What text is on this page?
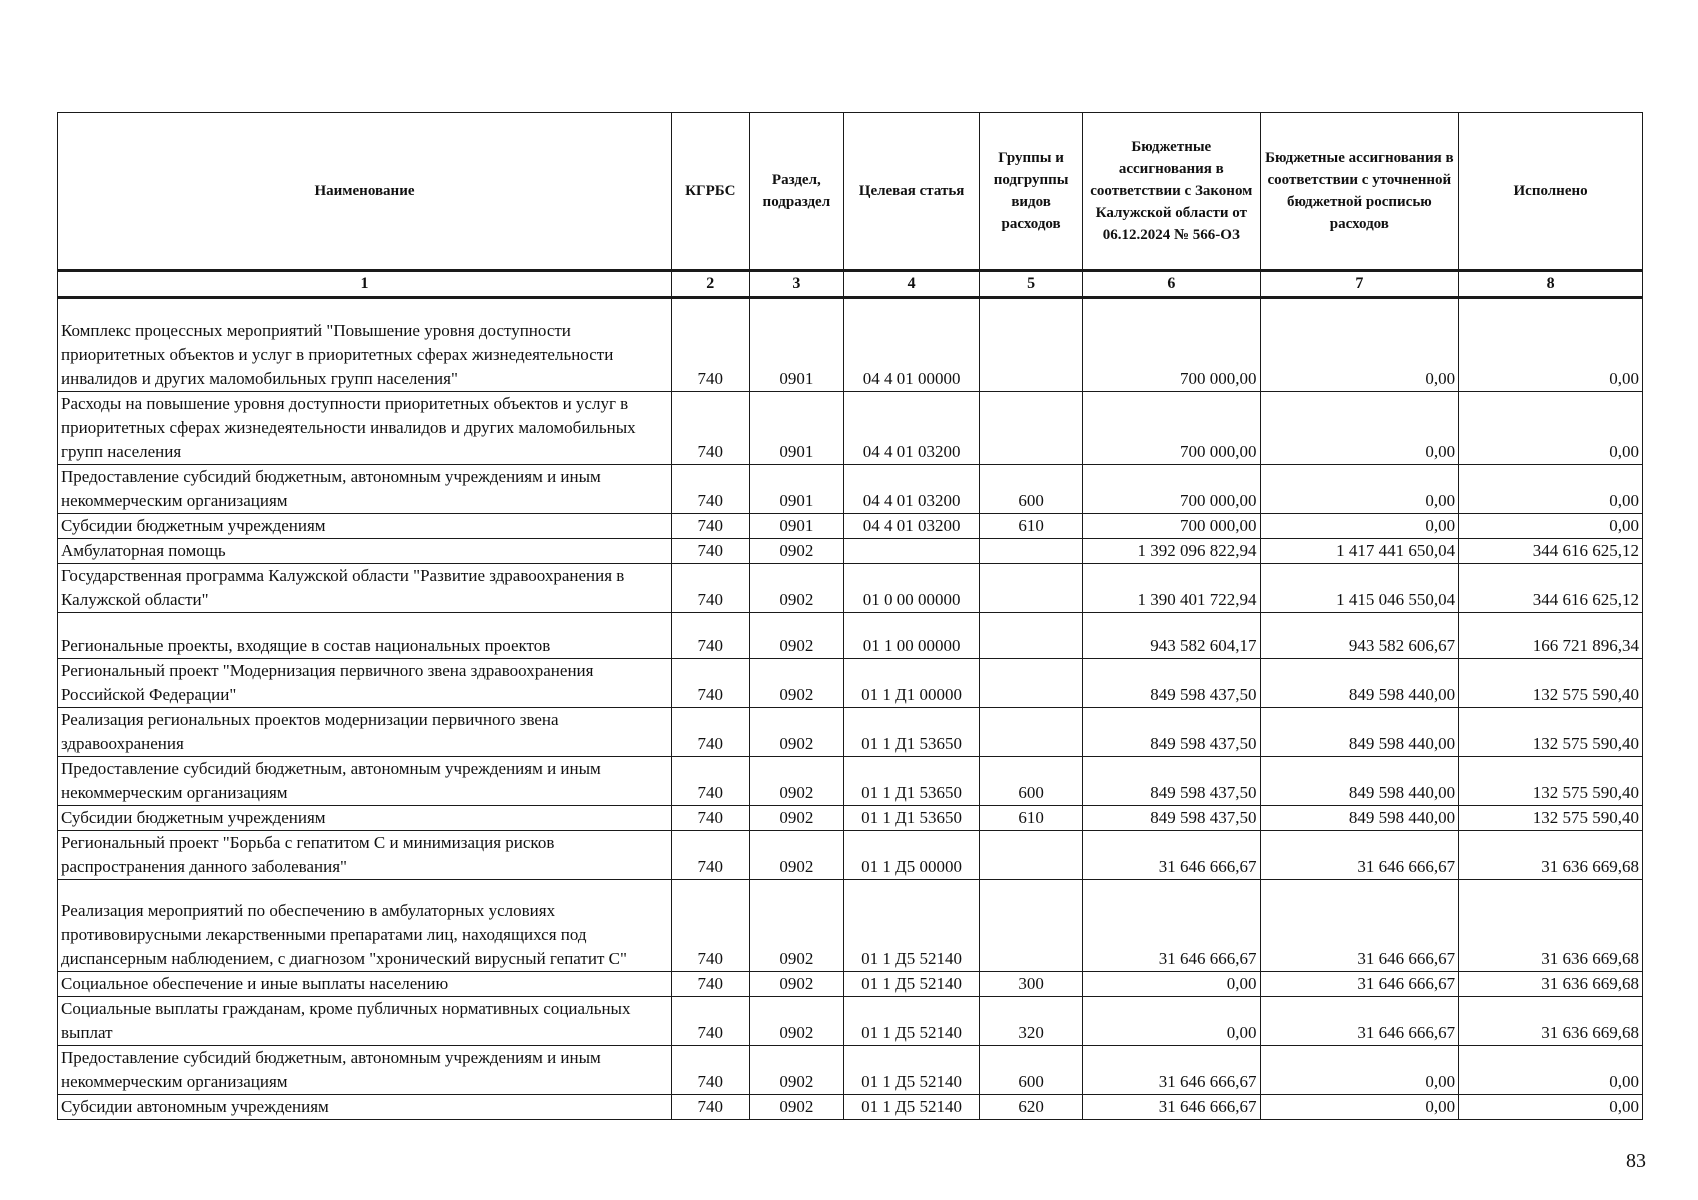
Наименование	КГРБС	Раздел, подраздел	Целевая статья	Группы и подгруппы видов расходов	Бюджетные ассигнования в соответствии с Законом Калужской области от 06.12.2024 № 566-ОЗ	Бюджетные ассигнования в соответствии с уточненной бюджетной росписью расходов	Исполнено
1	2	3	4	5	6	7	8
Комплекс процессных мероприятий "Повышение уровня доступности приоритетных объектов и услуг в приоритетных сферах жизнедеятельности инвалидов и других маломобильных групп населения"	740	0901	04 4 01 00000		700 000,00	0,00	0,00
Расходы на повышение уровня доступности приоритетных объектов и услуг в приоритетных сферах жизнедеятельности инвалидов и других маломобильных групп населения	740	0901	04 4 01 03200		700 000,00	0,00	0,00
Предоставление субсидий бюджетным, автономным учреждениям и иным некоммерческим организациям	740	0901	04 4 01 03200	600	700 000,00	0,00	0,00
Субсидии бюджетным учреждениям	740	0901	04 4 01 03200	610	700 000,00	0,00	0,00
Амбулаторная помощь	740	0902			1 392 096 822,94	1 417 441 650,04	344 616 625,12
Государственная программа Калужской области "Развитие здравоохранения в Калужской области"	740	0902	01 0 00 00000		1 390 401 722,94	1 415 046 550,04	344 616 625,12
Региональные проекты, входящие в состав национальных проектов	740	0902	01 1 00 00000		943 582 604,17	943 582 606,67	166 721 896,34
Региональный проект "Модернизация первичного звена здравоохранения Российской Федерации"	740	0902	01 1 Д1 00000		849 598 437,50	849 598 440,00	132 575 590,40
Реализация региональных проектов модернизации первичного звена здравоохранения	740	0902	01 1 Д1 53650		849 598 437,50	849 598 440,00	132 575 590,40
Предоставление субсидий бюджетным, автономным учреждениям и иным некоммерческим организациям	740	0902	01 1 Д1 53650	600	849 598 437,50	849 598 440,00	132 575 590,40
Субсидии бюджетным учреждениям	740	0902	01 1 Д1 53650	610	849 598 437,50	849 598 440,00	132 575 590,40
Региональный проект "Борьба с гепатитом С и минимизация рисков распространения данного заболевания"	740	0902	01 1 Д5 00000		31 646 666,67	31 646 666,67	31 636 669,68
Реализация мероприятий по обеспечению в амбулаторных условиях противовирусными лекарственными препаратами лиц, находящихся под диспансерным наблюдением, с диагнозом "хронический вирусный гепатит С"	740	0902	01 1 Д5 52140		31 646 666,67	31 646 666,67	31 636 669,68
Социальное обеспечение и иные выплаты населению	740	0902	01 1 Д5 52140	300	0,00	31 646 666,67	31 636 669,68
Социальные выплаты гражданам, кроме публичных нормативных социальных выплат	740	0902	01 1 Д5 52140	320	0,00	31 646 666,67	31 636 669,68
Предоставление субсидий бюджетным, автономным учреждениям и иным некоммерческим организациям	740	0902	01 1 Д5 52140	600	31 646 666,67	0,00	0,00
Субсидии автономным учреждениям	740	0902	01 1 Д5 52140	620	31 646 666,67	0,00	0,00
83
